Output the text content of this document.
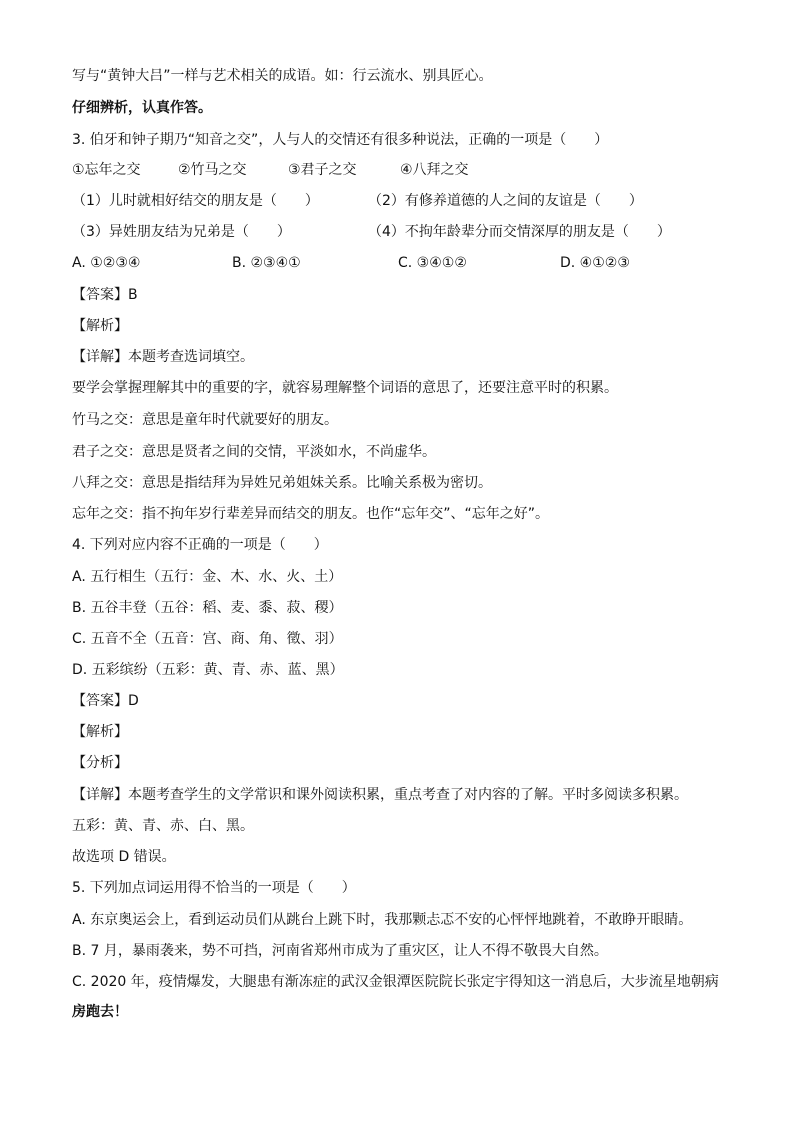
写与“黄钟大吕”一样与艺术相关的成语。如：行云流水、别具匠心。
仔细辨析，认真作答。
3. 伯牙和钟子期乃“知音之交”，人与人的交情还有很多种说法，正确的一项是（　　）
①忘年之交	②竹马之交	③君子之交	④八拜之交
（1）儿时就相好结交的朋友是（　　）	（2）有修养道德的人之间的友谊是（　　）
（3）异姓朋友结为兄弟是（　　）	（4）不拘年龄辈分而交情深厚的朋友是（　　）
A. ①②③④	B. ②③④①	C. ③④①②	D. ④①②③
【答案】B
【解析】
【详解】本题考查选词填空。
要学会掌握理解其中的重要的字，就容易理解整个词语的意思了，还要注意平时的积累。
竹马之交：意思是童年时代就要好的朋友。
君子之交：意思是贤者之间的交情，平淡如水，不尚虚华。
八拜之交：意思是指结拜为异姓兄弟姐妹关系。比喻关系极为密切。
忘年之交：指不拘年岁行辈差异而结交的朋友。也作“忘年交”、“忘年之好”。
4. 下列对应内容不正确的一项是（　　）
A. 五行相生（五行：金、木、水、火、土）
B. 五谷丰登（五谷：稻、麦、黍、菽、稷）
C. 五音不全（五音：宫、商、角、徵、羽）
D. 五彩缤纷（五彩：黄、青、赤、蓝、黑）
【答案】D
【解析】
【分析】
【详解】本题考查学生的文学常识和课外阅读积累，重点考查了对内容的了解。平时多阅读多积累。
五彩：黄、青、赤、白、黑。
故选项 D 错误。
5. 下列加点词运用得不恰当的一项是（　　）
A. 东京奥运会上，看到运动员们从跳台上跳下时，我那颗忐忑不安的心怦怦地跳着，不敢睁开眼睛。
B. 7 月，暴雨袭来，势不可挡，河南省郑州市成为了重灾区，让人不得不敬畏大自然。
C. 2020 年，疫情爆发，大腿患有渐冻症的武汉金银潭医院院长张定宇得知这一消息后，大步流星地朝病
房跑去！
